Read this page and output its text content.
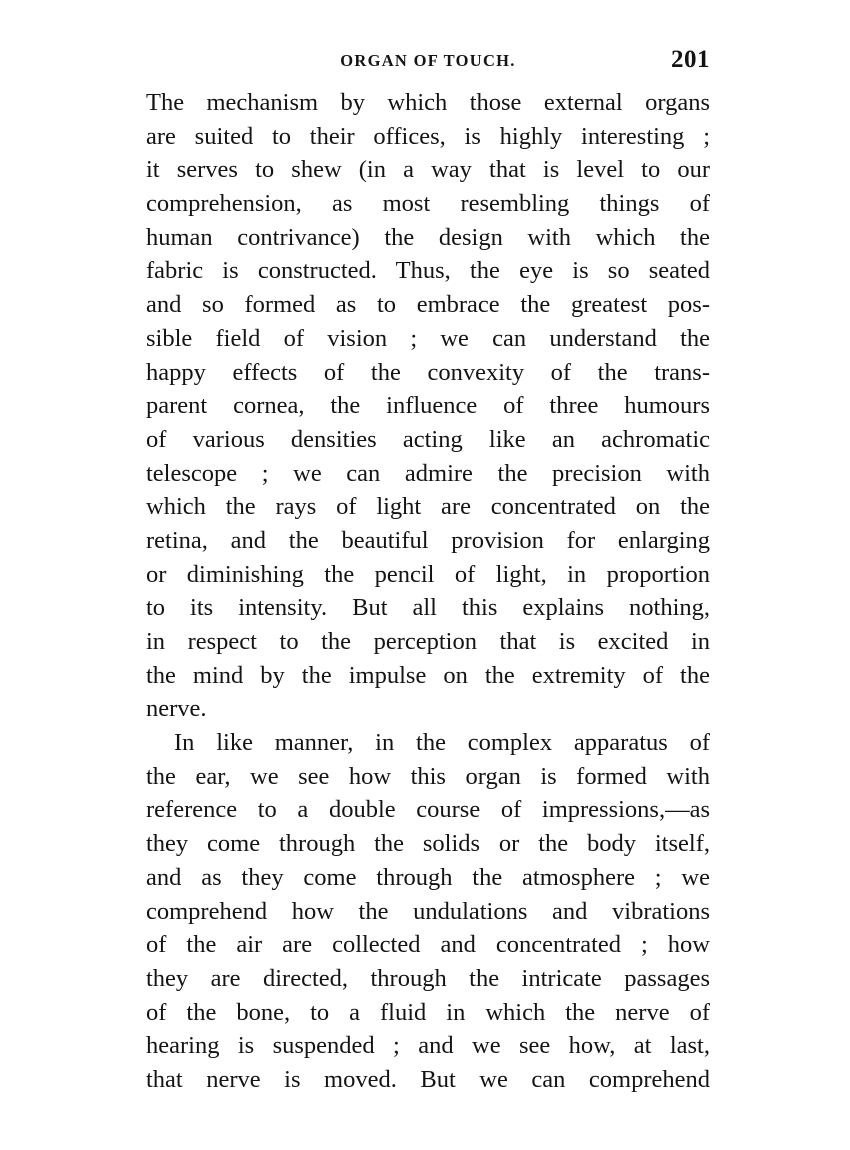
ORGAN OF TOUCH.	201
The mechanism by which those external organs
are suited to their offices, is highly interesting ;
it serves to shew (in a way that is level to our
comprehension, as most resembling things of
human contrivance) the design with which the
fabric is constructed. Thus, the eye is so seated
and so formed as to embrace the greatest pos-
sible field of vision ; we can understand the
happy effects of the convexity of the trans-
parent cornea, the influence of three humours
of various densities acting like an achromatic
telescope ; we can admire the precision with
which the rays of light are concentrated on the
retina, and the beautiful provision for enlarging
or diminishing the pencil of light, in proportion
to its intensity. But all this explains nothing,
in respect to the perception that is excited in
the mind by the impulse on the extremity of the
nerve.
In like manner, in the complex apparatus of
the ear, we see how this organ is formed with
reference to a double course of impressions,—as
they come through the solids or the body itself,
and as they come through the atmosphere ; we
comprehend how the undulations and vibrations
of the air are collected and concentrated ; how
they are directed, through the intricate passages
of the bone, to a fluid in which the nerve of
hearing is suspended ; and we see how, at last,
that nerve is moved. But we can comprehend
